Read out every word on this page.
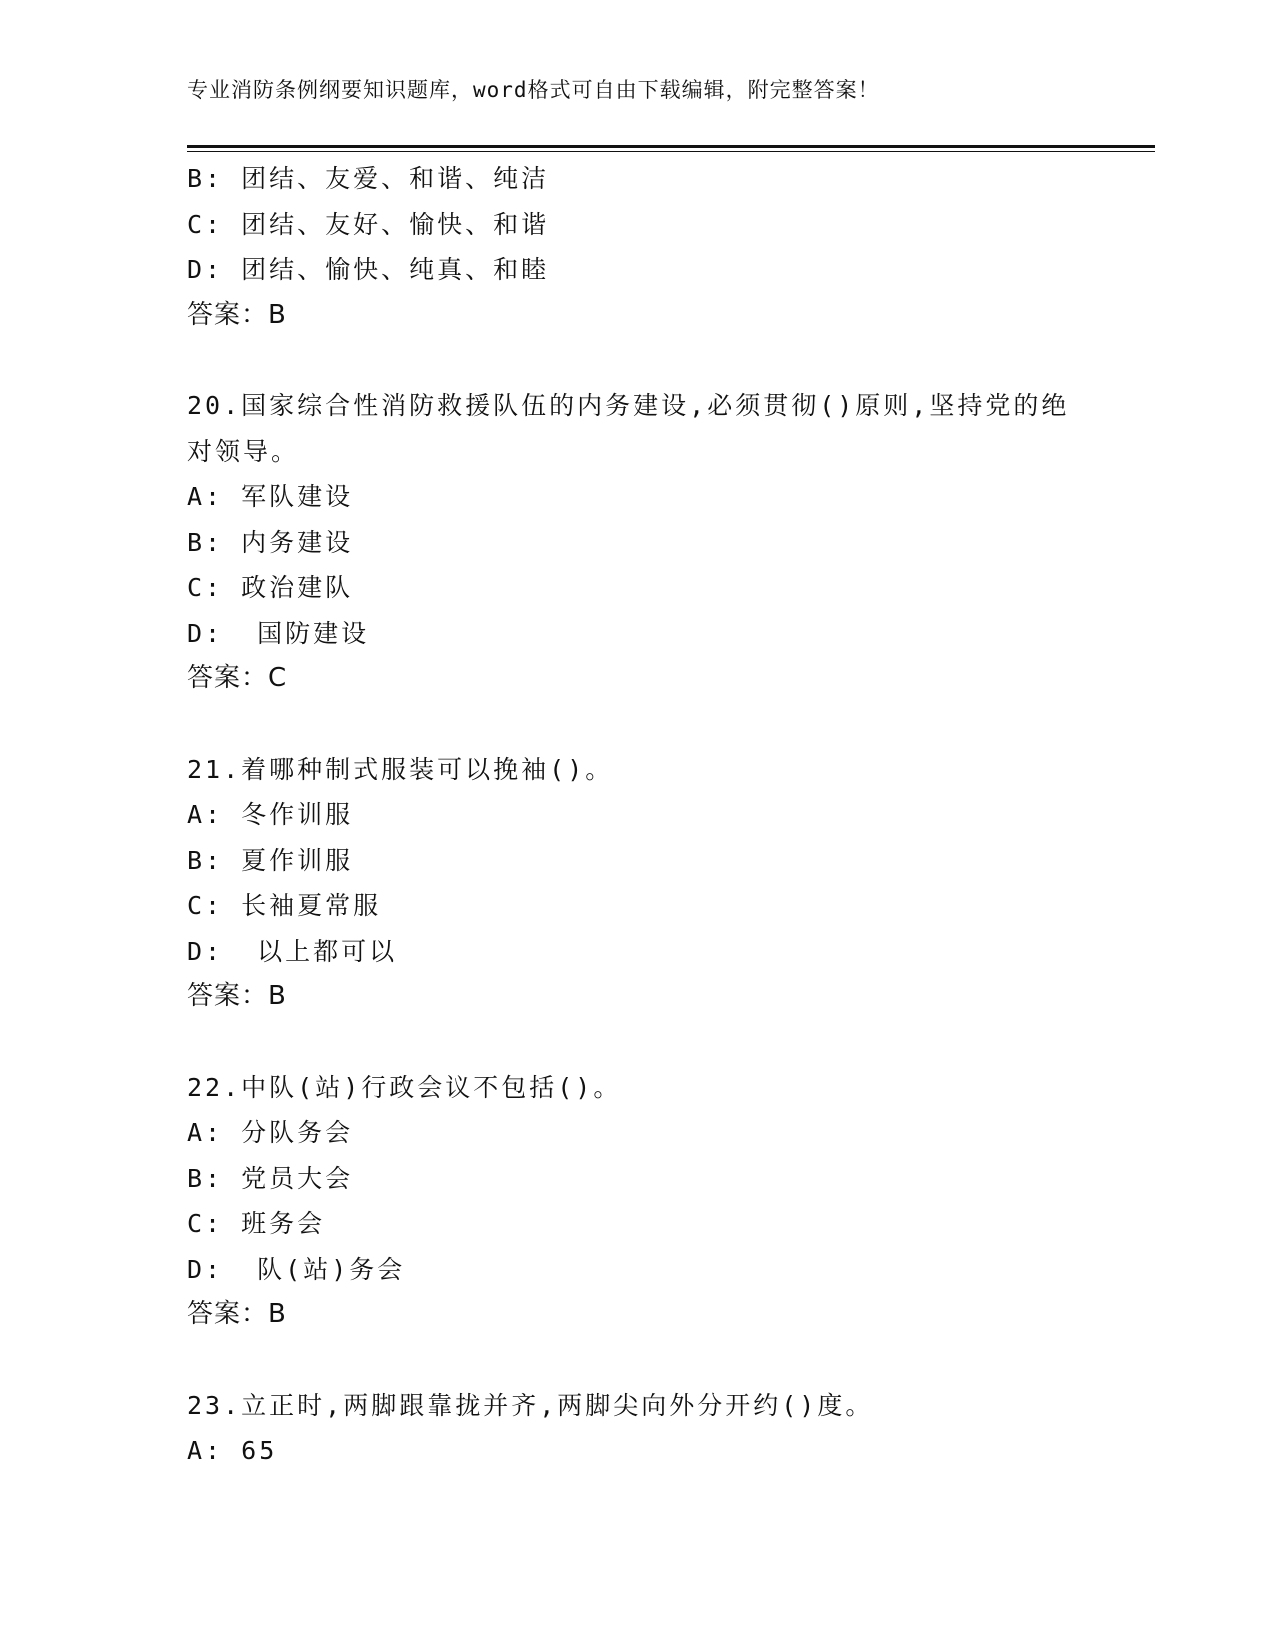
专业消防条例纲要知识题库，word格式可自由下载编辑，附完整答案！
B: 团结、友爱、和谐、纯洁
C: 团结、友好、愉快、和谐
D: 团结、愉快、纯真、和睦
答案：B
20.国家综合性消防救援队伍的内务建设,必须贯彻()原则,坚持党的绝
对领导。
A: 军队建设
B: 内务建设
C: 政治建队
D: 国防建设
答案：C
21.着哪种制式服装可以挽袖()。
A: 冬作训服
B: 夏作训服
C: 长袖夏常服
D: 以上都可以
答案：B
22.中队(站)行政会议不包括()。
A: 分队务会
B: 党员大会
C: 班务会
D: 队(站)务会
答案：B
23.立正时,两脚跟靠拢并齐,两脚尖向外分开约()度。
A: 65
